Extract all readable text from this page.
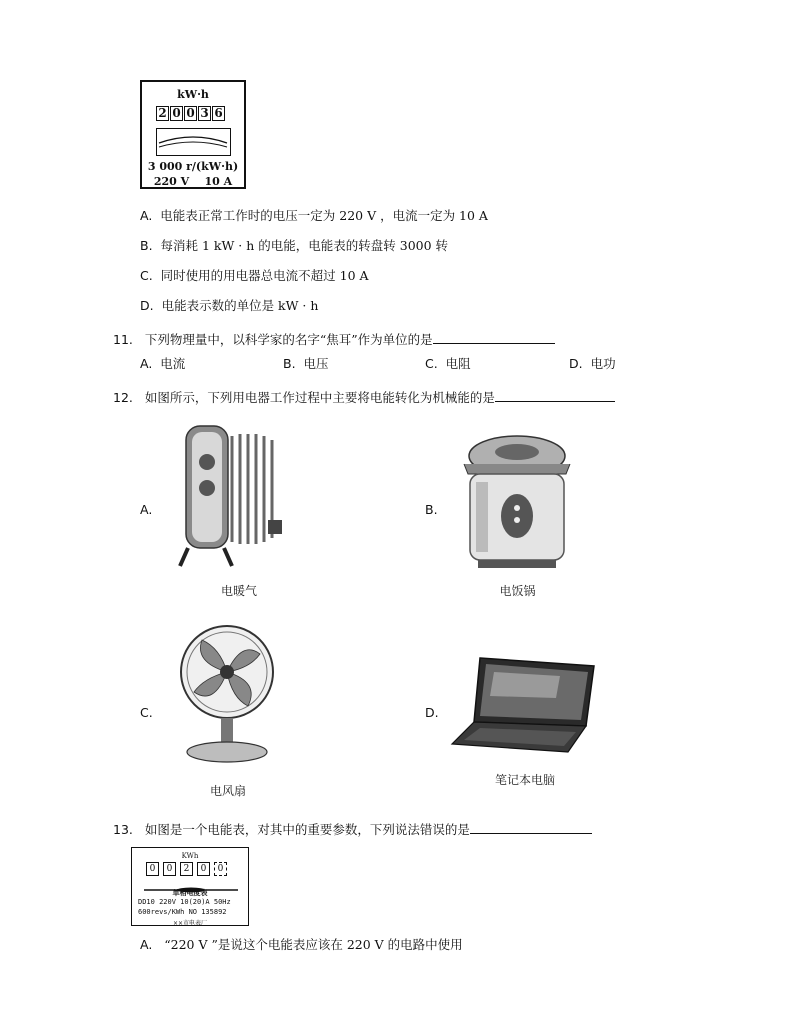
kW·h
2 0 0 3 6
3 000 r/(kW·h)
220 V    10 A
A. 电能表正常工作时的电压一定为 220 V ，电流一定为 10 A
B. 每消耗 1 kW · h 的电能，电能表的转盘转 3000 转
C. 同时使用的用电器总电流不超过 10 A
D. 电能表示数的单位是 kW · h
11. 下列物理量中，以科学家的名字“焦耳”作为单位的是
A. 电流	B. 电压	C. 电阻	D. 电功
12. 如图所示，下列用电器工作过程中主要将电能转化为机械能的是
A.
电暖气
B.
电饭锅
C.
电风扇
D.
笔记本电脑
13. 如图是一个电能表，对其中的重要参数，下列说法错误的是
KWh
0	0	2	0	0
单相电度表
DD10 220V 10(20)A 50Hz
600revs/KWh NO 135892
××市电表厂
A. “220 V ”是说这个电能表应该在 220 V 的电路中使用
